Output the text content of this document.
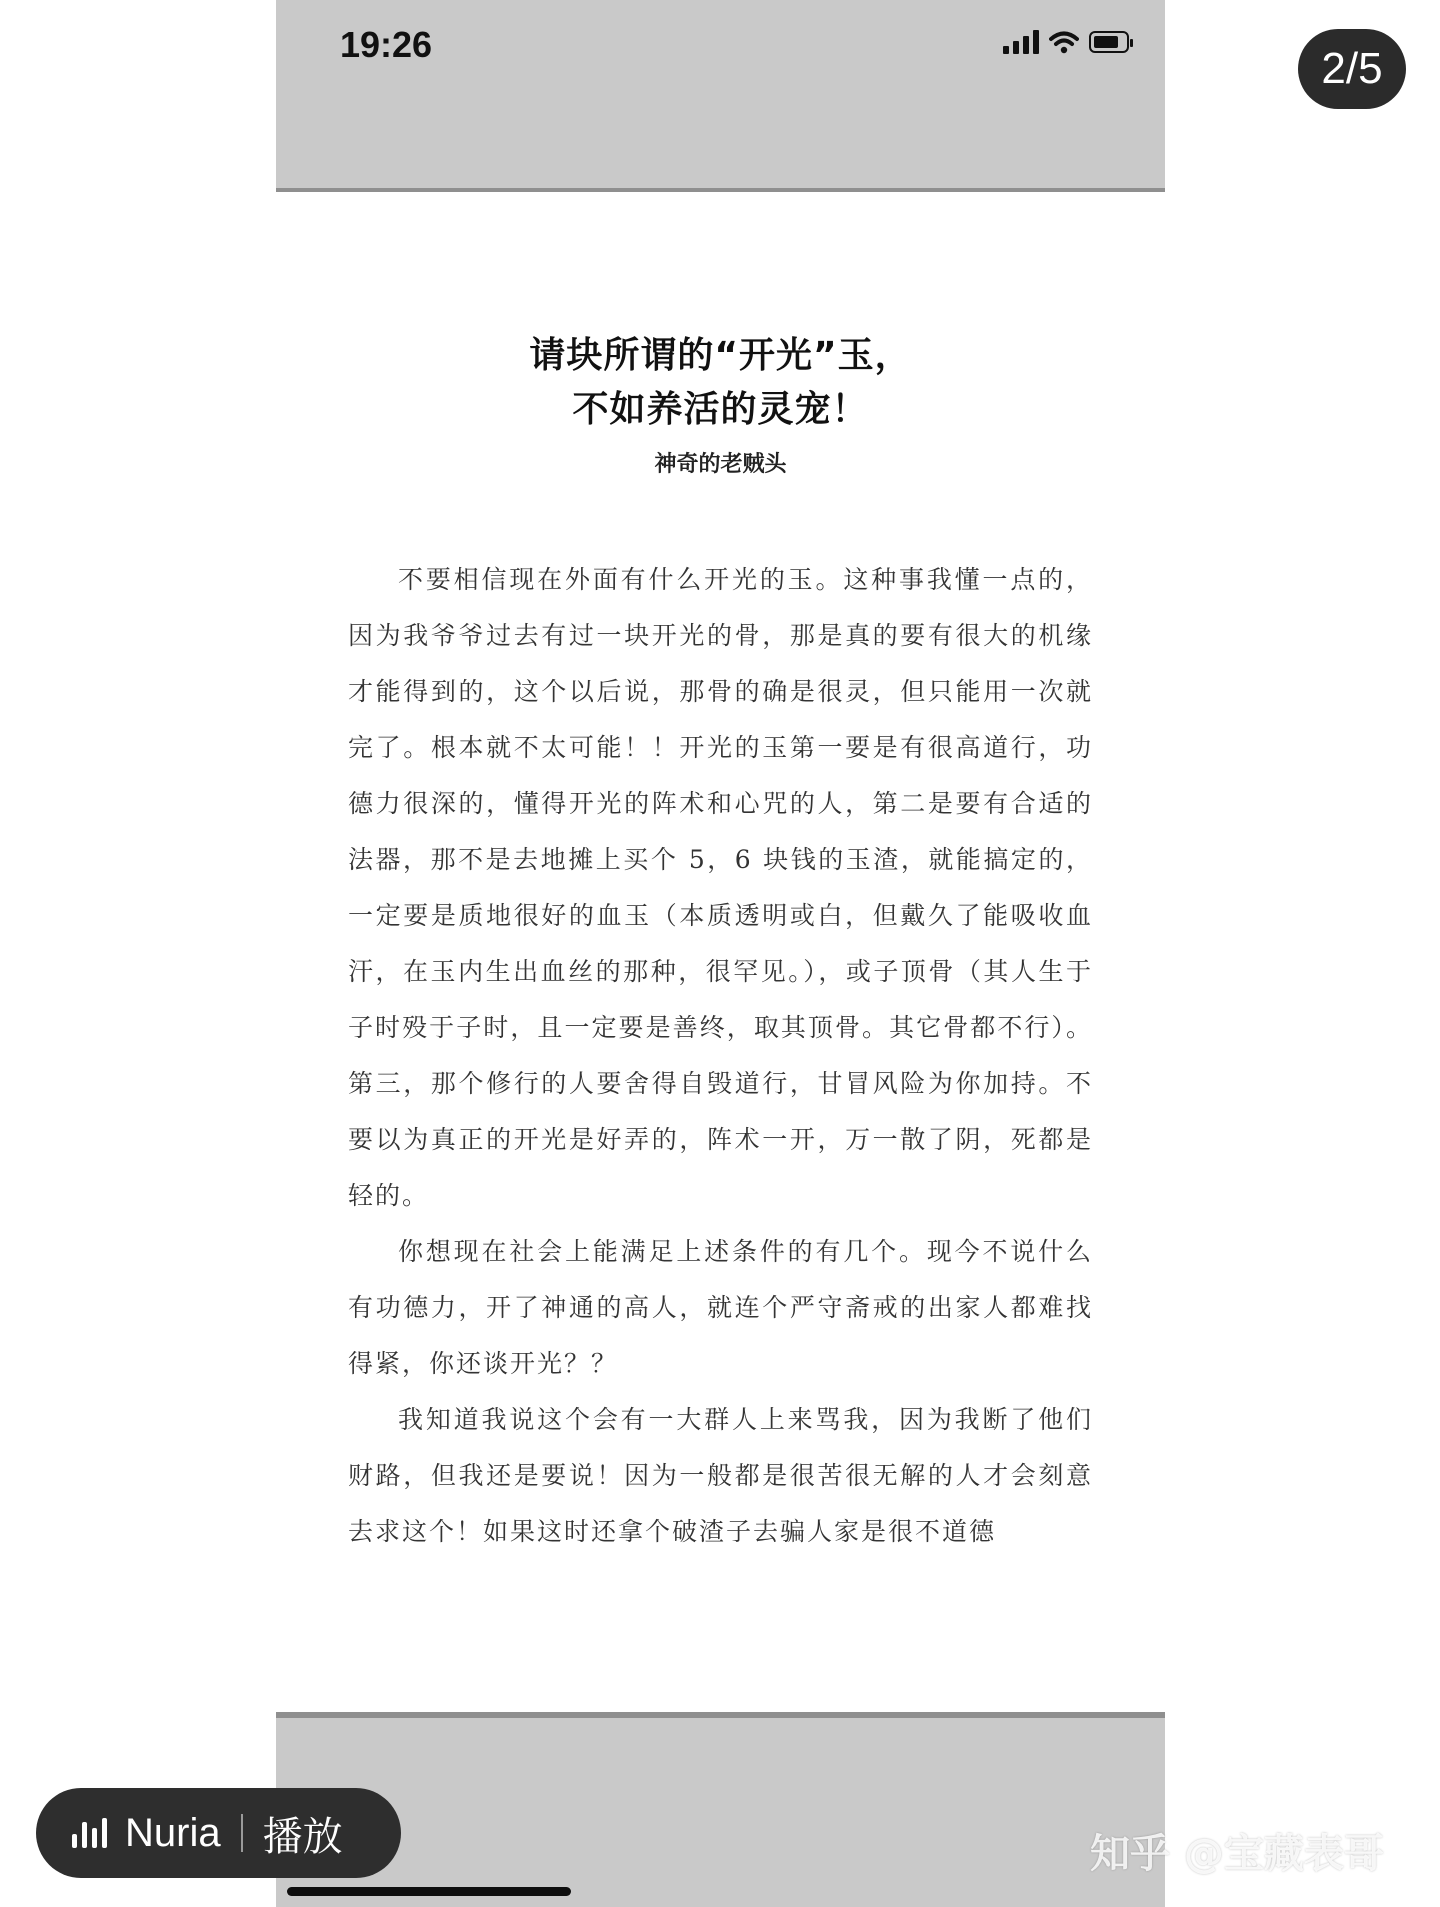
19:26
请块所谓的“开光”玉，
不如养活的灵宠！
神奇的老贼头

不要相信现在外面有什么开光的玉。这种事我懂一点的，因为我爷爷过去有过一块开光的骨，那是真的要有很大的机缘才能得到的，这个以后说，那骨的确是很灵，但只能用一次就完了。根本就不太可能！！开光的玉第一要是有很高道行，功德力很深的，懂得开光的阵术和心咒的人，第二是要有合适的法器，那不是去地摊上买个 5，6 块钱的玉渣，就能搞定的，一定要是质地很好的血玉（本质透明或白，但戴久了能吸收血汗，在玉内生出血丝的那种，很罕见。），或子顶骨（其人生于子时殁于子时，且一定要是善终，取其顶骨。其它骨都不行）。第三，那个修行的人要舍得自毁道行，甘冒风险为你加持。不要以为真正的开光是好弄的，阵术一开，万一散了阴，死都是轻的。

你想现在社会上能满足上述条件的有几个。现今不说什么有功德力，开了神通的高人，就连个严守斋戒的出家人都难找得紧，你还谈开光？？

我知道我说这个会有一大群人上来骂我，因为我断了他们财路，但我还是要说！因为一般都是很苦很无解的人才会刻意去求这个！如果这时还拿个破渣子去骗人家是很不道德

2/5
Nuria 播放	知乎 @宝藏表哥
